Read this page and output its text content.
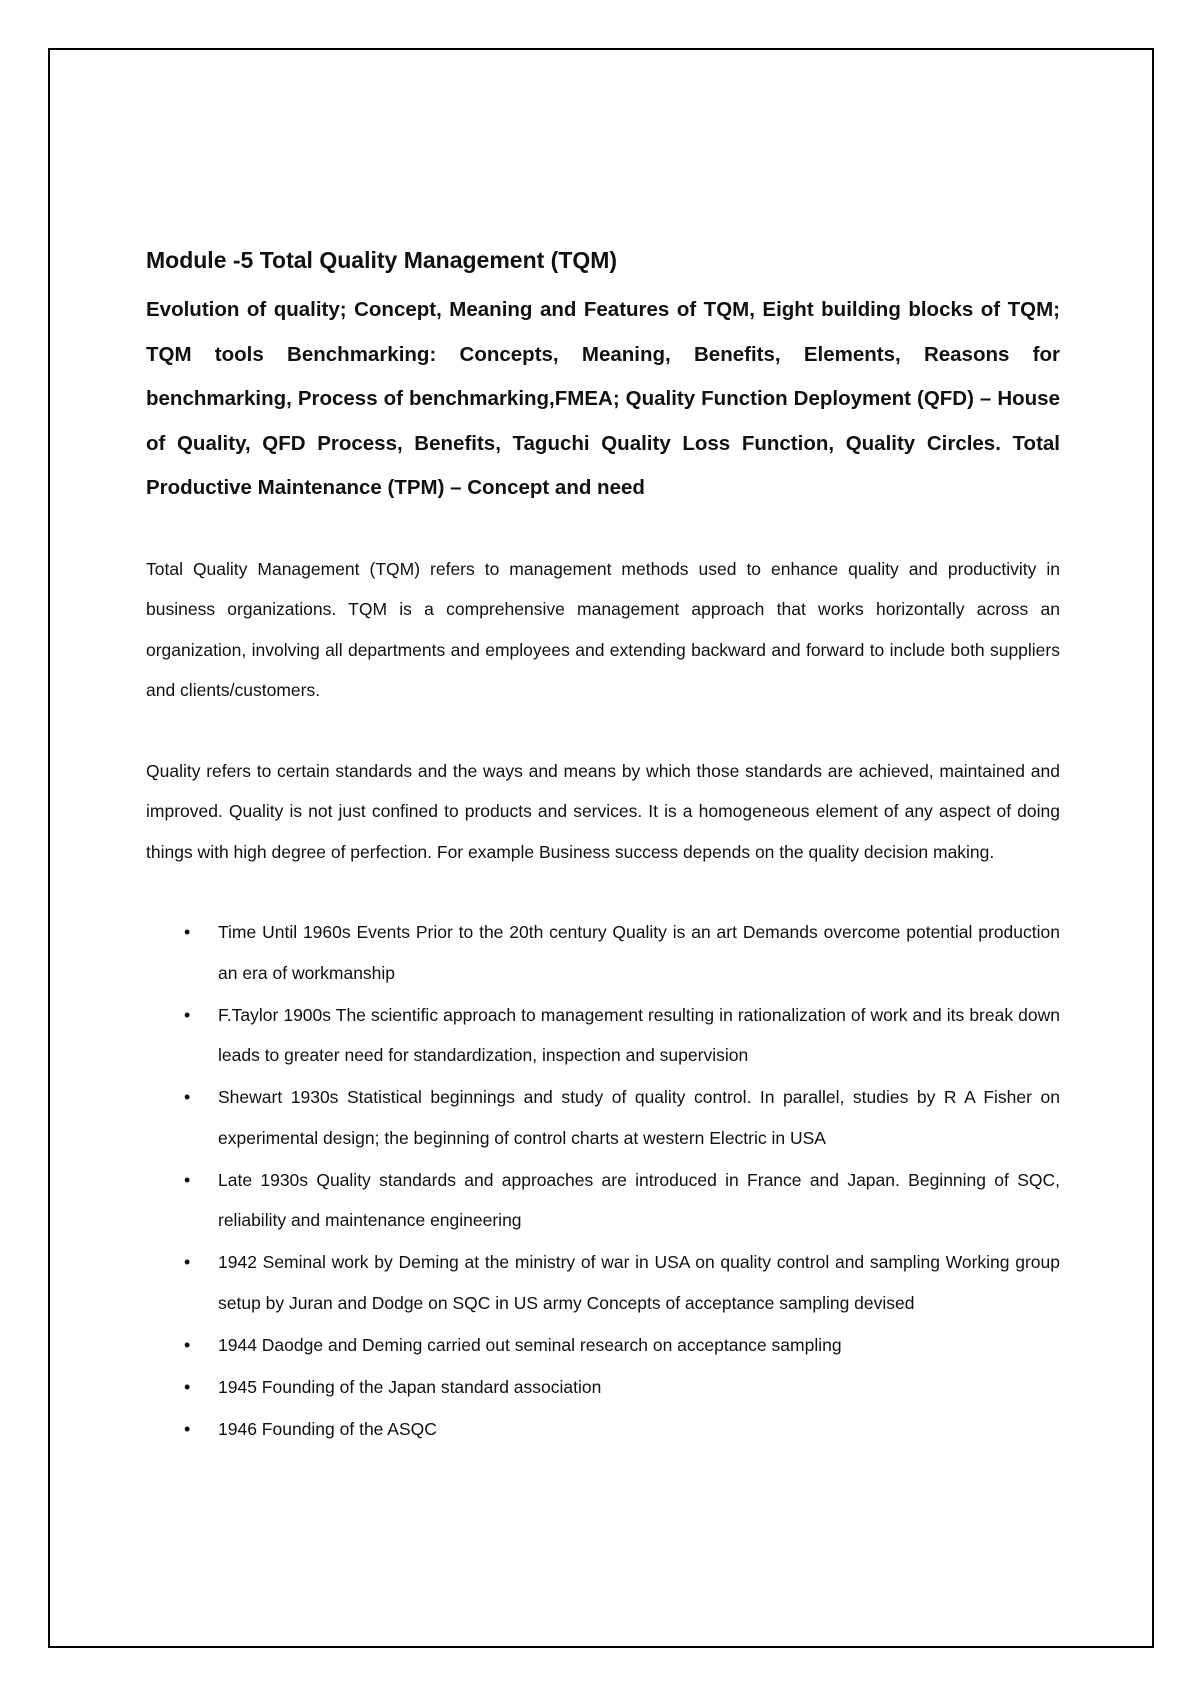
Module -5 Total Quality Management (TQM)

Evolution of quality; Concept, Meaning and Features of TQM, Eight building blocks of TQM; TQM tools Benchmarking: Concepts, Meaning, Benefits, Elements, Reasons for benchmarking, Process of benchmarking,FMEA; Quality Function Deployment (QFD) – House of Quality, QFD Process, Benefits, Taguchi Quality Loss Function, Quality Circles. Total Productive Maintenance (TPM) – Concept and need

Total Quality Management (TQM) refers to management methods used to enhance quality and productivity in business organizations. TQM is a comprehensive management approach that works horizontally across an organization, involving all departments and employees and extending backward and forward to include both suppliers and clients/customers.

Quality refers to certain standards and the ways and means by which those standards are achieved, maintained and improved. Quality is not just confined to products and services. It is a homogeneous element of any aspect of doing things with high degree of perfection. For example Business success depends on the quality decision making.

• Time Until 1960s Events Prior to the 20th century Quality is an art Demands overcome potential production an era of workmanship
• F.Taylor 1900s The scientific approach to management resulting in rationalization of work and its break down leads to greater need for standardization, inspection and supervision
• Shewart 1930s Statistical beginnings and study of quality control. In parallel, studies by R A Fisher on experimental design; the beginning of control charts at western Electric in USA
• Late 1930s Quality standards and approaches are introduced in France and Japan. Beginning of SQC, reliability and maintenance engineering
• 1942 Seminal work by Deming at the ministry of war in USA on quality control and sampling Working group setup by Juran and Dodge on SQC in US army Concepts of acceptance sampling devised
• 1944 Daodge and Deming carried out seminal research on acceptance sampling
• 1945 Founding of the Japan standard association
• 1946 Founding of the ASQC
